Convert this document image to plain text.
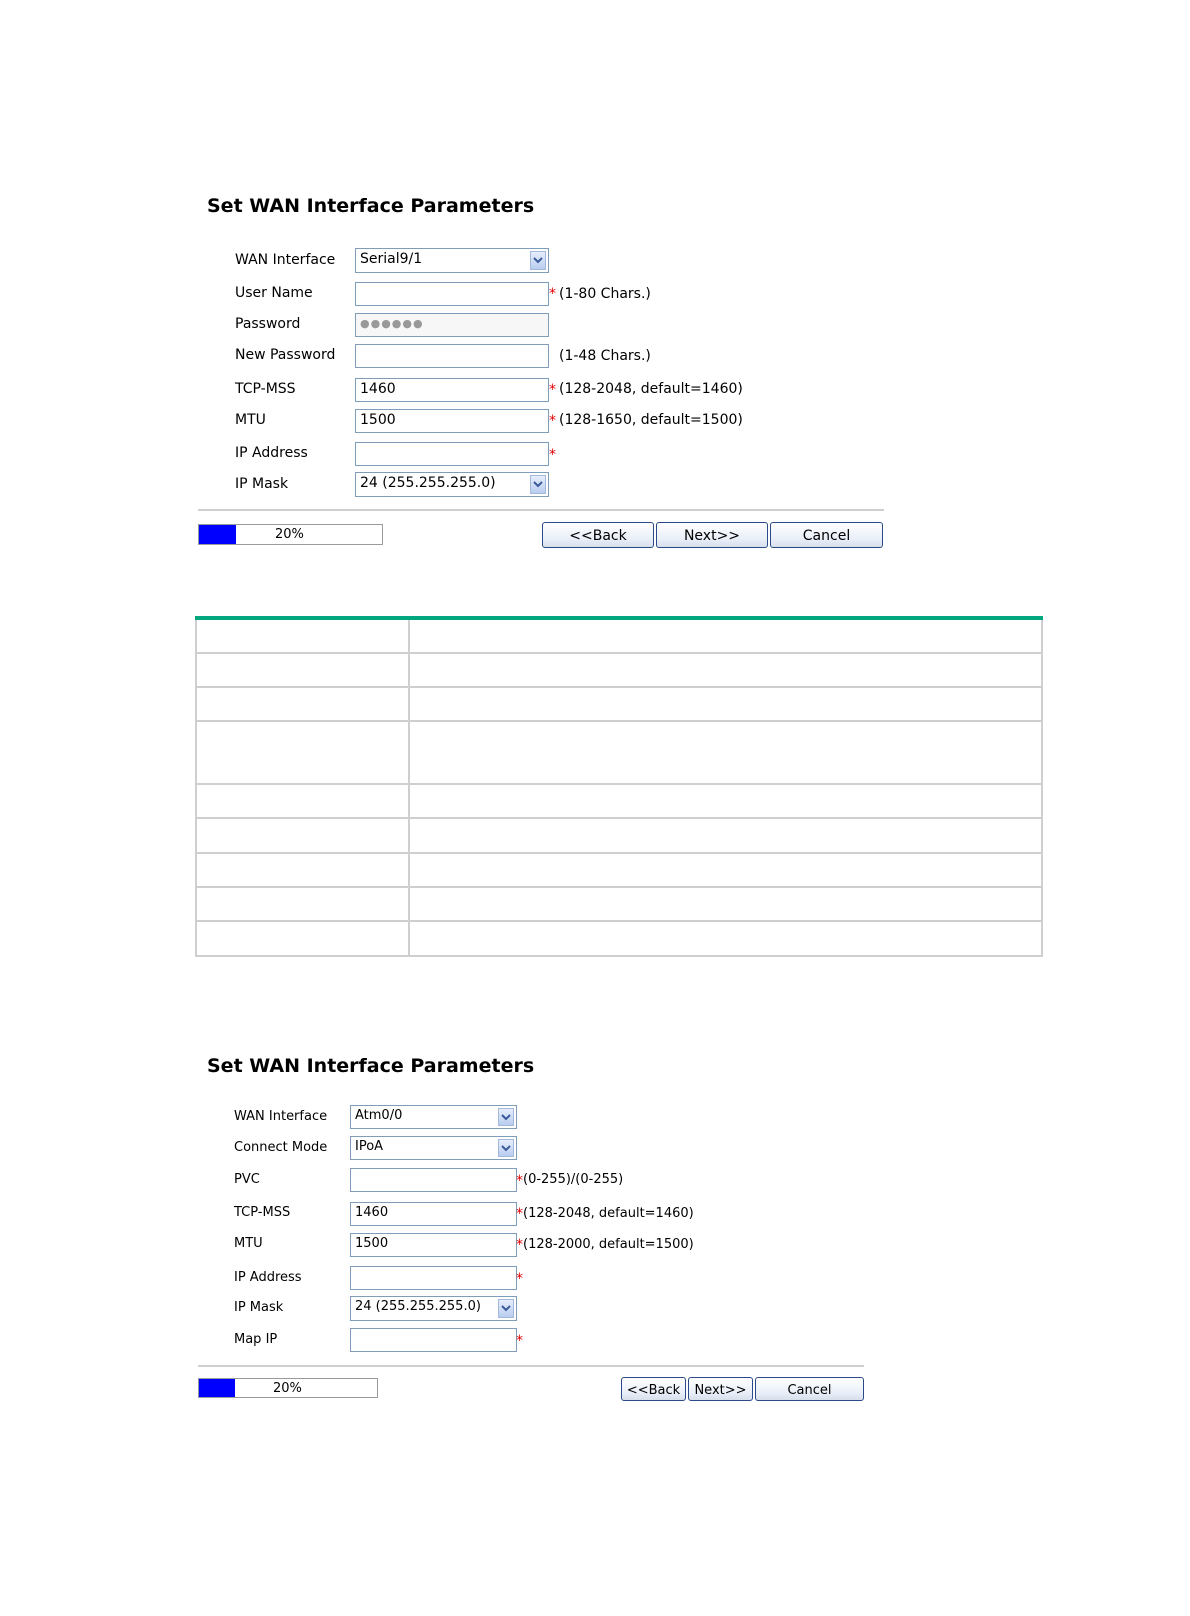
Set WAN Interface Parameters
WAN Interface	Serial9/1
User Name	* (1-80 Chars.)
Password	●●●●●●
New Password	(1-48 Chars.)
TCP-MSS	1460	* (128-2048, default=1460)
MTU	1500	* (128-1650, default=1500)
IP Address	*
IP Mask	24 (255.255.255.0)
20%	<<Back	Next>>	Cancel

Set WAN Interface Parameters
WAN Interface	Atm0/0
Connect Mode	IPoA
PVC	* (0-255)/(0-255)
TCP-MSS	1460	* (128-2048, default=1460)
MTU	1500	* (128-2000, default=1500)
IP Address	*
IP Mask	24 (255.255.255.0)
Map IP	*
20%	<<Back	Next>>	Cancel
